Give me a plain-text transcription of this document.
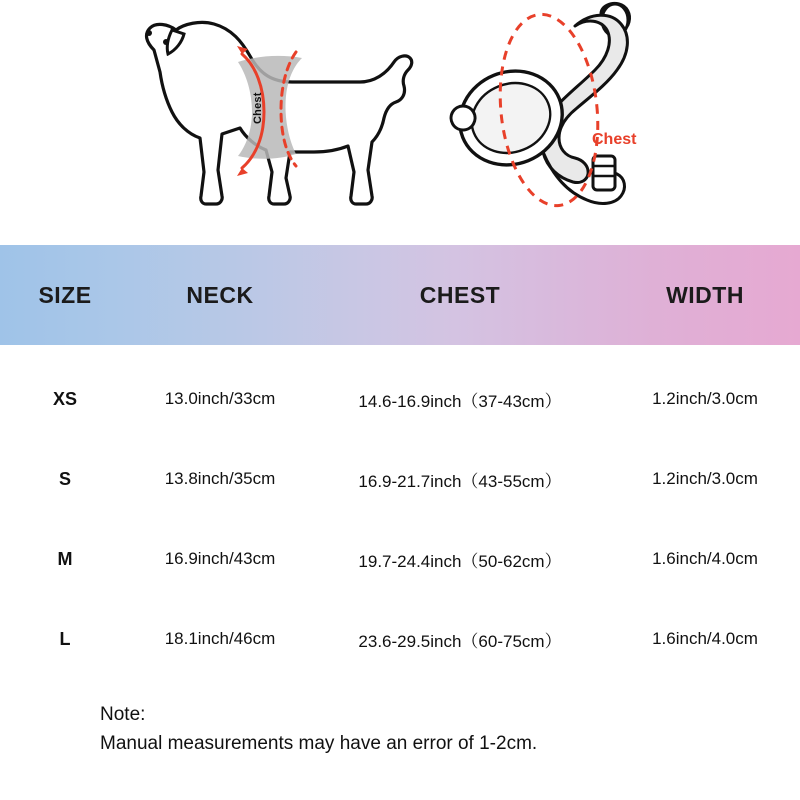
Chest
Chest
SIZE	NECK	CHEST	WIDTH
XS	13.0inch/33cm	14.6-16.9inch（37-43cm）	1.2inch/3.0cm
S	13.8inch/35cm	16.9-21.7inch（43-55cm）	1.2inch/3.0cm
M	16.9inch/43cm	19.7-24.4inch（50-62cm）	1.6inch/4.0cm
L	18.1inch/46cm	23.6-29.5inch（60-75cm）	1.6inch/4.0cm
Note:
Manual measurements may have an error of 1-2cm.
